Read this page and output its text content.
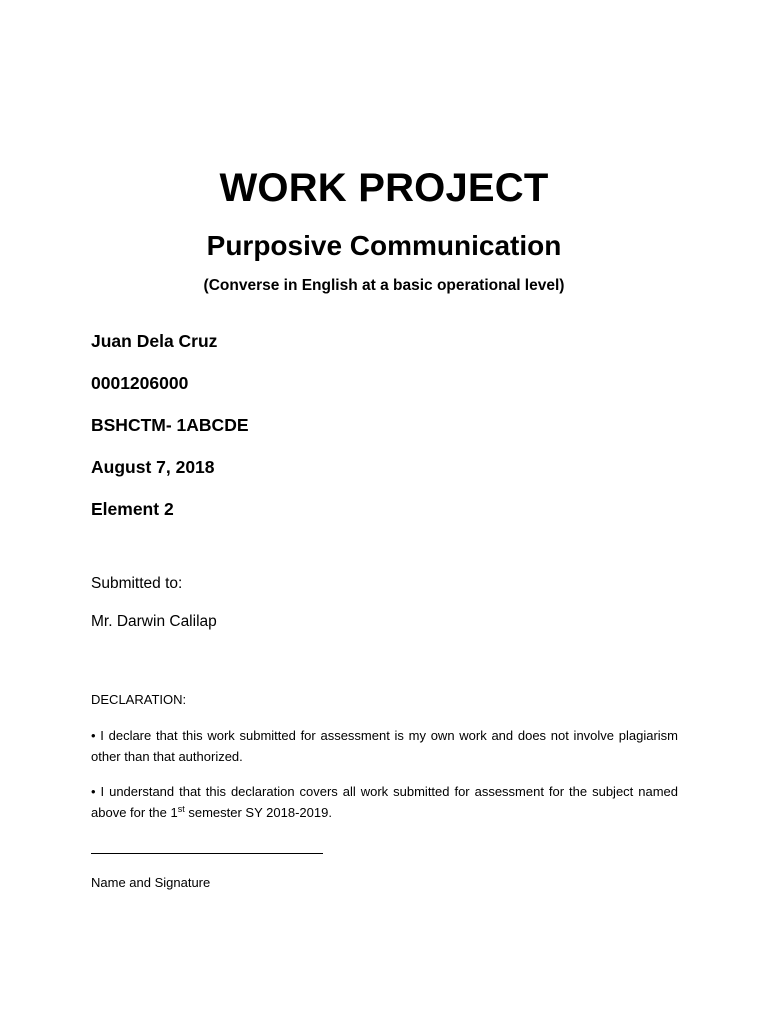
WORK PROJECT
Purposive Communication
(Converse in English at a basic operational level)
Juan Dela Cruz
0001206000
BSHCTM- 1ABCDE
August 7, 2018
Element 2
Submitted to:
Mr. Darwin Calilap
DECLARATION:
• I declare that this work submitted for assessment is my own work and does not involve plagiarism other than that authorized.
• I understand that this declaration covers all work submitted for assessment for the subject named above for the 1st semester SY 2018-2019.
Name and Signature
